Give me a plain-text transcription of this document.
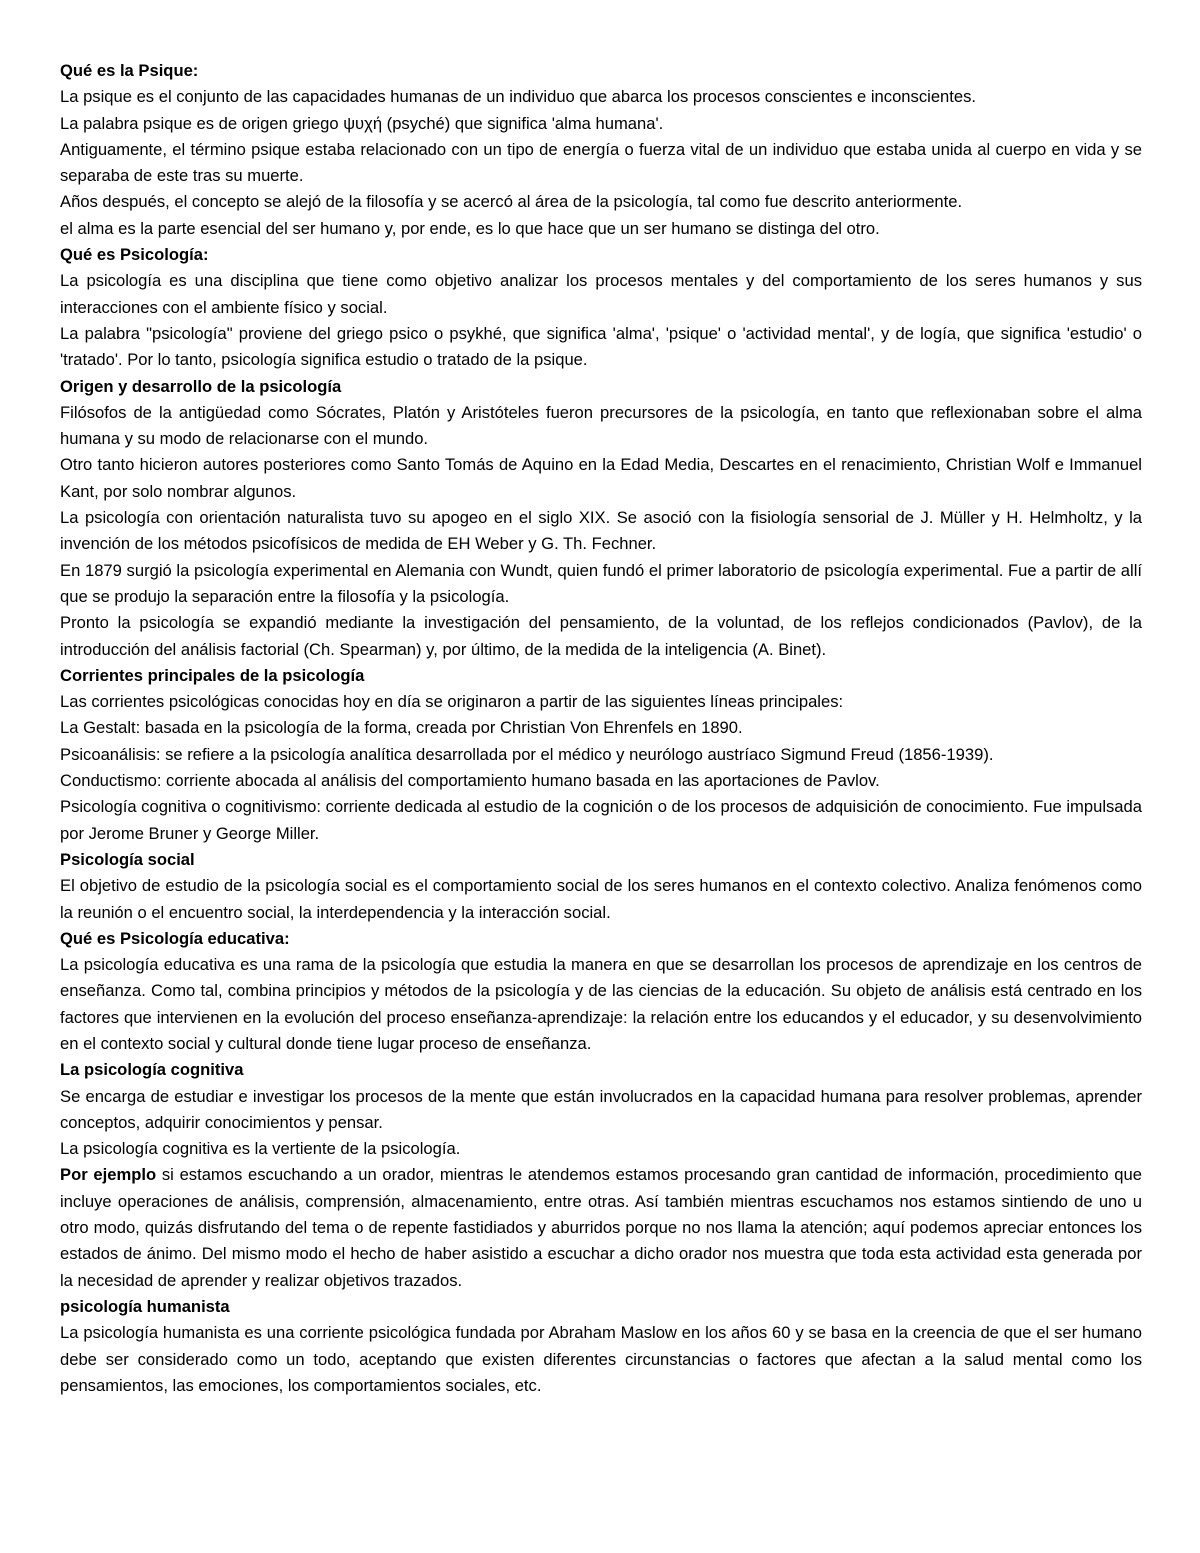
Qué es la Psique:

La psique es el conjunto de las capacidades humanas de un individuo que abarca los procesos conscientes e inconscientes.

La palabra psique es de origen griego ψυχή (psyché) que significa 'alma humana'.

Antiguamente, el término psique estaba relacionado con un tipo de energía o fuerza vital de un individuo que estaba unida al cuerpo en vida y se separaba de este tras su muerte.

Años después, el concepto se alejó de la filosofía y se acercó al área de la psicología, tal como fue descrito anteriormente.

el alma es la parte esencial del ser humano y, por ende, es lo que hace que un ser humano se distinga del otro.

Qué es Psicología:

La psicología es una disciplina que tiene como objetivo analizar los procesos mentales y del comportamiento de los seres humanos y sus interacciones con el ambiente físico y social.

La palabra "psicología" proviene del griego psico o psykhé, que significa 'alma', 'psique' o 'actividad mental', y de logía, que significa 'estudio' o 'tratado'. Por lo tanto, psicología significa estudio o tratado de la psique.

Origen y desarrollo de la psicología

Filósofos de la antigüedad como Sócrates, Platón y Aristóteles fueron precursores de la psicología, en tanto que reflexionaban sobre el alma humana y su modo de relacionarse con el mundo.

Otro tanto hicieron autores posteriores como Santo Tomás de Aquino en la Edad Media, Descartes en el renacimiento, Christian Wolf e Immanuel Kant, por solo nombrar algunos.

La psicología con orientación naturalista tuvo su apogeo en el siglo XIX. Se asoció con la fisiología sensorial de J. Müller y H. Helmholtz, y la invención de los métodos psicofísicos de medida de EH Weber y G. Th. Fechner.

En 1879 surgió la psicología experimental en Alemania con Wundt, quien fundó el primer laboratorio de psicología experimental. Fue a partir de allí que se produjo la separación entre la filosofía y la psicología.

Pronto la psicología se expandió mediante la investigación del pensamiento, de la voluntad, de los reflejos condicionados (Pavlov), de la introducción del análisis factorial (Ch. Spearman) y, por último, de la medida de la inteligencia (A. Binet).

Corrientes principales de la psicología

Las corrientes psicológicas conocidas hoy en día se originaron a partir de las siguientes líneas principales:

La Gestalt: basada en la psicología de la forma, creada por Christian Von Ehrenfels en 1890.

Psicoanálisis: se refiere a la psicología analítica desarrollada por el médico y neurólogo austríaco Sigmund Freud (1856-1939).

Conductismo: corriente abocada al análisis del comportamiento humano basada en las aportaciones de Pavlov.

Psicología cognitiva o cognitivismo: corriente dedicada al estudio de la cognición o de los procesos de adquisición de conocimiento. Fue impulsada por Jerome Bruner y George Miller.

Psicología social

El objetivo de estudio de la psicología social es el comportamiento social de los seres humanos en el contexto colectivo. Analiza fenómenos como la reunión o el encuentro social, la interdependencia y la interacción social.

Qué es Psicología educativa:

La psicología educativa es una rama de la psicología que estudia la manera en que se desarrollan los procesos de aprendizaje en los centros de enseñanza. Como tal, combina principios y métodos de la psicología y de las ciencias de la educación. Su objeto de análisis está centrado en los factores que intervienen en la evolución del proceso enseñanza-aprendizaje: la relación entre los educandos y el educador, y su desenvolvimiento en el contexto social y cultural donde tiene lugar proceso de enseñanza.

La psicología cognitiva

Se encarga de estudiar e investigar los procesos de la mente que están involucrados en la capacidad humana para resolver problemas, aprender conceptos, adquirir conocimientos y pensar.

La psicología cognitiva es la vertiente de la psicología.

Por ejemplo si estamos escuchando a un orador, mientras le atendemos estamos procesando gran cantidad de información, procedimiento que incluye operaciones de análisis, comprensión, almacenamiento, entre otras. Así también mientras escuchamos nos estamos sintiendo de uno u otro modo, quizás disfrutando del tema o de repente fastidiados y aburridos porque no nos llama la atención; aquí podemos apreciar entonces los estados de ánimo. Del mismo modo el hecho de haber asistido a escuchar a dicho orador nos muestra que toda esta actividad esta generada por la necesidad de aprender y realizar objetivos trazados.

psicología humanista

La psicología humanista es una corriente psicológica fundada por Abraham Maslow en los años 60 y se basa en la creencia de que el ser humano debe ser considerado como un todo, aceptando que existen diferentes circunstancias o factores que afectan a la salud mental como los pensamientos, las emociones, los comportamientos sociales, etc.
